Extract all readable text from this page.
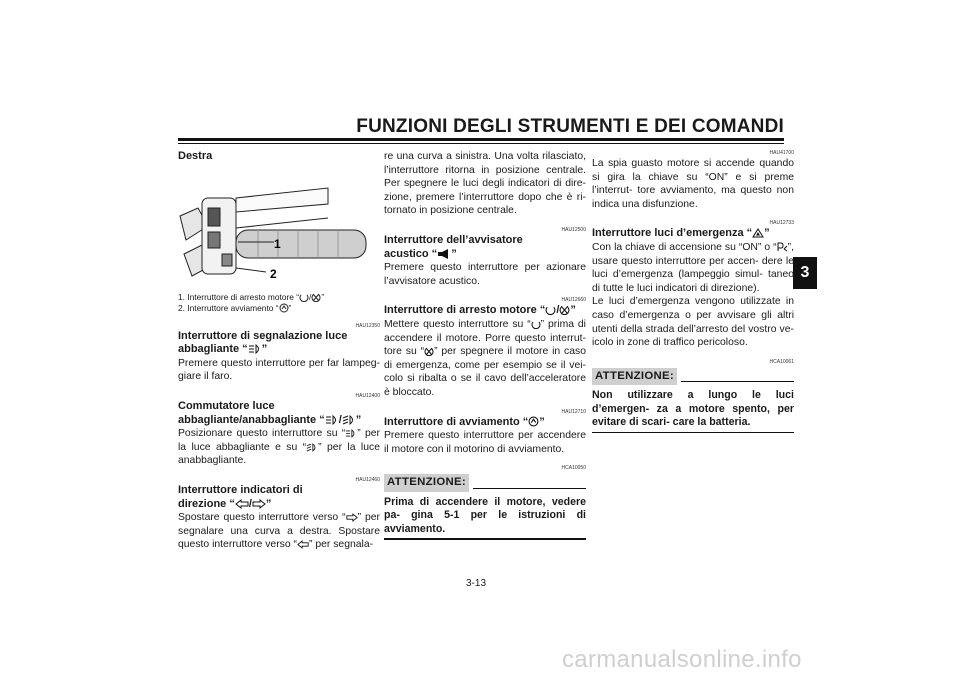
FUNZIONI DEGLI STRUMENTI E DEI COMANDI
3
Destra
1
2
1. Interruttore di arresto motore “ / ”
2. Interruttore avviamento “ ”
HAU12350
Interruttore di segnalazione luce
abbagliante “ ”

Premere questo interruttore per far lampeg- giare il faro.

HAU12400
Commutatore luce
abbagliante/anabbagliante “ / ”

Posizionare questo interruttore su “ ” per la luce abbagliante e su “ ” per la luce anabbagliante.

HAU12460
Interruttore indicatori di
direzione “ / ”

Spostare questo interruttore verso “ ” per segnalare una curva a destra. Spostare questo interruttore verso “ ” per segnala-

re una curva a sinistra. Una volta rilasciato, l’interruttore ritorna in posizione centrale. Per spegnere le luci degli indicatori di dire- zione, premere l’interruttore dopo che è ri- tornato in posizione centrale.

HAU12500
Interruttore dell’avvisatore
acustico “ ”

Premere questo interruttore per azionare l’avvisatore acustico.

HAU12660
Interruttore di arresto motore “ / ”

Mettere questo interruttore su “ ” prima di accendere il motore. Porre questo interrut- tore su “ ” per spegnere il motore in caso di emergenza, come per esempio se il vei- colo si ribalta o se il cavo dell’acceleratore è bloccato.

HAU12710
Interruttore di avviamento “ ”

Premere questo interruttore per accendere il motore con il motorino di avviamento.

HCA10050
ATTENZIONE:

Prima di accendere il motore, vedere pa- gina 5-1 per le istruzioni di avviamento.

HAU41700

La spia guasto motore si accende quando si gira la chiave su “ON” e si preme l’interrut- tore avviamento, ma questo non indica una disfunzione.

HAU12733
Interruttore luci d’emergenza “ ”

Con la chiave di accensione su “ON” o “ ”, usare questo interruttore per accen- dere le luci d’emergenza (lampeggio simul- taneo di tutte le luci indicatori di direzione).

Le luci d’emergenza vengono utilizzate in caso d’emergenza o per avvisare gli altri utenti della strada dell’arresto del vostro ve- icolo in zone di traffico pericoloso.

HCA10061
ATTENZIONE:

Non utilizzare a lungo le luci d’emergen- za a motore spento, per evitare di scari- care la batteria.

3-13
carmanualsonline.info
